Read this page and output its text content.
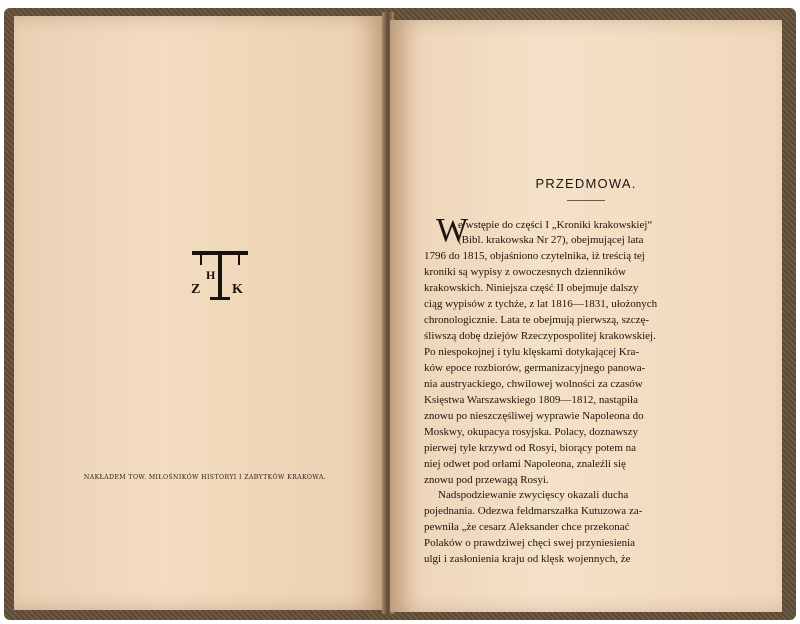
H
Z K
T
NAKŁADEM TOW. MIŁOŚNIKÓW HISTORYI I ZABYTKÓW KRAKOWA.
PRZEDMOWA.
W
e wstępie do części I „Kroniki krakowskiej“
(Bibl. krakowska Nr 27), obejmującej lata
1796 do 1815, objaśniono czytelnika, iż treścią tej
kroniki są wypisy z owoczesnych dzienników
krakowskich. Niniejsza część II obejmuje dalszy
ciąg wypisów z tychże, z lat 1816—1831, ułożonych
chronologicznie. Lata te obejmują pierwszą, szczę-
śliwszą dobę dziejów Rzeczypospolitej krakowskiej.
Po niespokojnej i tylu klęskami dotykającej Kra-
ków epoce rozbiorów, germanizacyjnego panowa-
nia austryackiego, chwilowej wolności za czasów
Księstwa Warszawskiego 1809—1812, nastąpiła
znowu po nieszczęśliwej wyprawie Napoleona do
Moskwy, okupacya rosyjska. Polacy, doznawszy
pierwej tyle krzywd od Rosyi, biorący potem na
niej odwet pod orłami Napoleona, znaleźli się
znowu pod przewagą Rosyi.
Nadspodziewanie zwycięscy okazali ducha
pojednania. Odezwa feldmarszałka Kutuzowa za-
pewniła „że cesarz Aleksander chce przekonać
Polaków o prawdziwej chęci swej przyniesienia
ulgi i zasłonienia kraju od klęsk wojennych, że
